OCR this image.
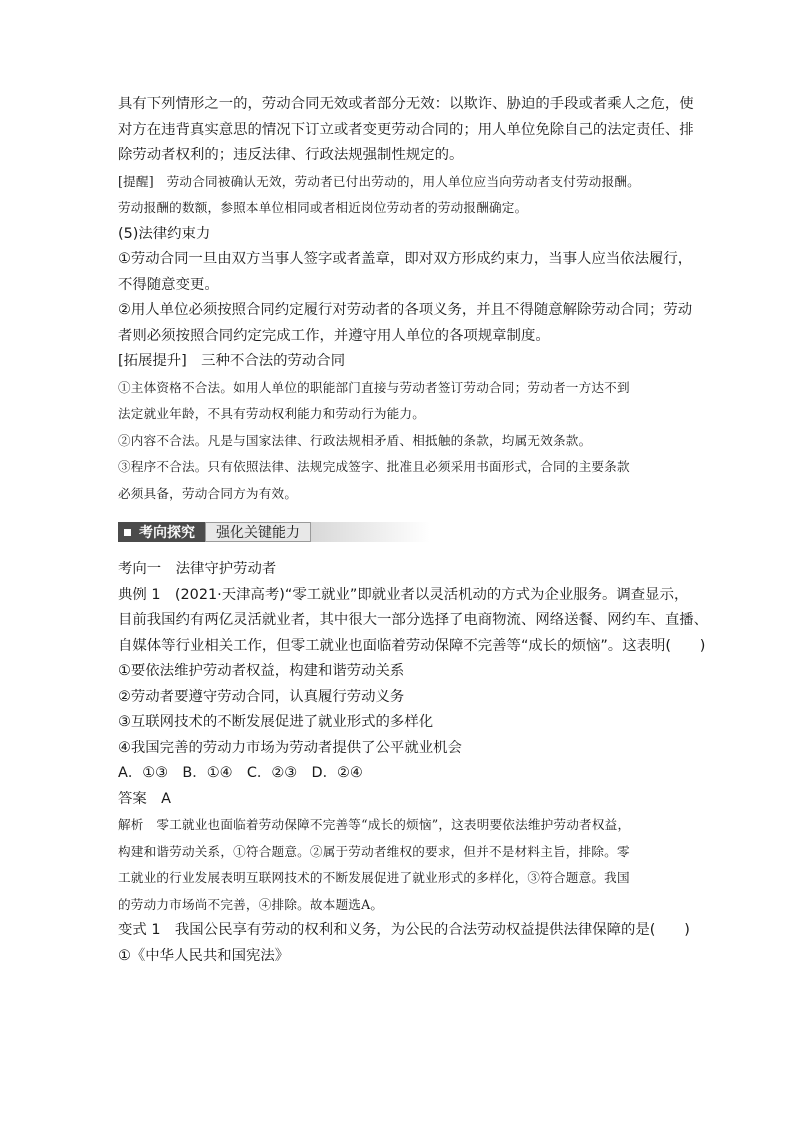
具有下列情形之一的，劳动合同无效或者部分无效：以欺诈、胁迫的手段或者乘人之危，使

对方在违背真实意思的情况下订立或者变更劳动合同的；用人单位免除自己的法定责任、排

除劳动者权利的；违反法律、行政法规强制性规定的。

[提醒]　劳动合同被确认无效，劳动者已付出劳动的，用人单位应当向劳动者支付劳动报酬。

劳动报酬的数额，参照本单位相同或者相近岗位劳动者的劳动报酬确定。

(5)法律约束力

①劳动合同一旦由双方当事人签字或者盖章，即对双方形成约束力，当事人应当依法履行，

不得随意变更。

②用人单位必须按照合同约定履行对劳动者的各项义务，并且不得随意解除劳动合同；劳动

者则必须按照合同约定完成工作，并遵守用人单位的各项规章制度。

[拓展提升]　三种不合法的劳动合同

①主体资格不合法。如用人单位的职能部门直接与劳动者签订劳动合同；劳动者一方达不到

法定就业年龄，不具有劳动权利能力和劳动行为能力。

②内容不合法。凡是与国家法律、行政法规相矛盾、相抵触的条款，均属无效条款。

③程序不合法。只有依照法律、法规完成签字、批准且必须采用书面形式，合同的主要条款

必须具备，劳动合同方为有效。

考向探究 强化关键能力

考向一　法律守护劳动者

典例 1　(2021·天津高考)“零工就业”即就业者以灵活机动的方式为企业服务。调查显示，

目前我国约有两亿灵活就业者，其中很大一部分选择了电商物流、网络送餐、网约车、直播、

自媒体等行业相关工作，但零工就业也面临着劳动保障不完善等“成长的烦恼”。这表明(　　)

①要依法维护劳动者权益，构建和谐劳动关系

②劳动者要遵守劳动合同，认真履行劳动义务

③互联网技术的不断发展促进了就业形式的多样化

④我国完善的劳动力市场为劳动者提供了公平就业机会

A．①③　B．①④　C．②③　D．②④

答案　A

解析　零工就业也面临着劳动保障不完善等“成长的烦恼”，这表明要依法维护劳动者权益，

构建和谐劳动关系，①符合题意。②属于劳动者维权的要求，但并不是材料主旨，排除。零

工就业的行业发展表明互联网技术的不断发展促进了就业形式的多样化，③符合题意。我国

的劳动力市场尚不完善，④排除。故本题选A。

变式 1　我国公民享有劳动的权利和义务，为公民的合法劳动权益提供法律保障的是(　　)

①《中华人民共和国宪法》
